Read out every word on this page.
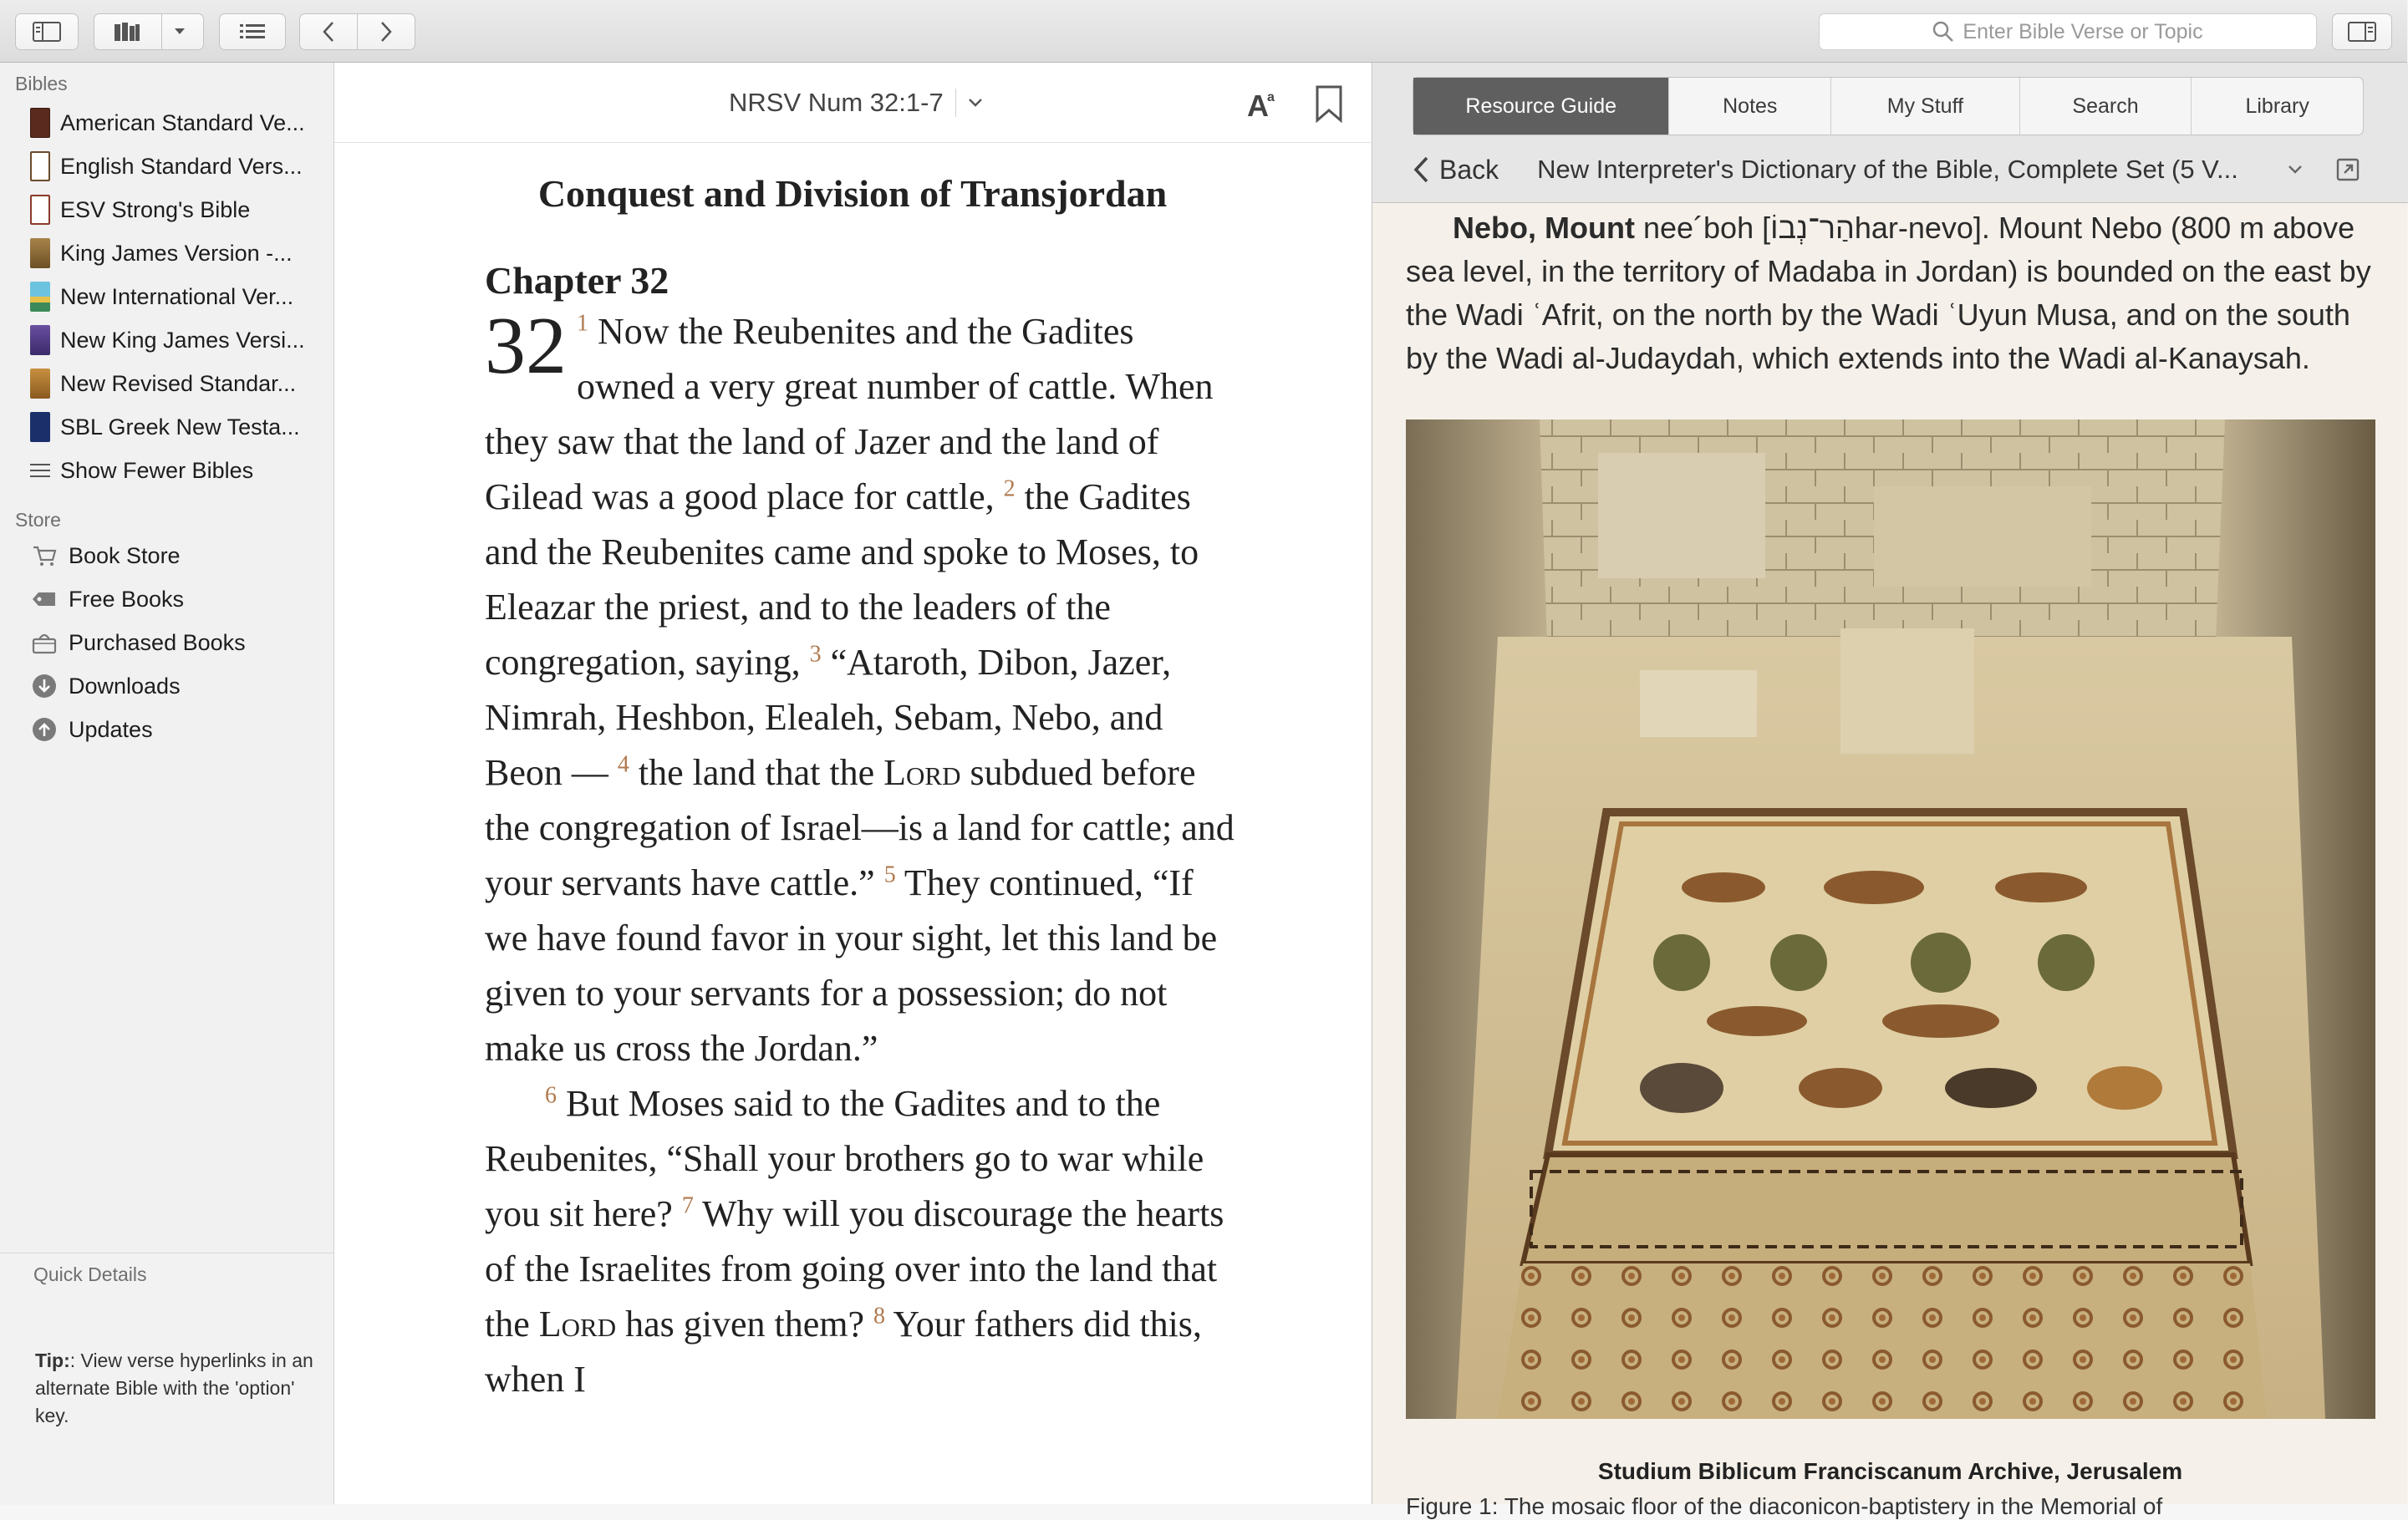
Enter Bible Verse or Topic
Bibles
American Standard Ve...
English Standard Vers...
ESV Strong's Bible
King James Version -...
New International Ver...
New King James Versi...
New Revised Standar...
SBL Greek New Testa...
Show Fewer Bibles
Store
Book Store
Free Books
Purchased Books
Downloads
Updates
Quick Details
Tip:: View verse hyperlinks in an alternate Bible with the 'option' key.
NRSV Num 32:1-7	A
a
Conquest and Division of Transjordan
Chapter 32

32 $^1$ Now the Reubenites and the Gadites owned a very great number of cattle. When they saw that the land of Jazer and the land of Gilead was a good place for cattle, $^2$ the Gadites and the Reubenites came and spoke to Moses, to Eleazar the priest, and to the leaders of the congregation, saying, $^3$ “Ataroth, Dibon, Jazer, Nimrah, Heshbon, Elealeh, Sebam, Nebo, and Beon — $^4$ the land that the Lord subdued before the congregation of Israel—is a land for cattle; and your servants have cattle.” $^5$ They continued, “If we have found favor in your sight, let this land be given to your servants for a possession; do not make us cross the Jordan.”

$^6$ But Moses said to the Gadites and to the Reubenites, “Shall your brothers go to war while you sit here? $^7$ Why will you discourage the hearts of the Israelites from going over into the land that the Lord has given them? $^8$ Your fathers did this, when I

Resource Guide	Notes	My Stuff	Search	Library
Back New Interpreter's Dictionary of the Bible, Complete Set (5 V...

Nebo, Mount nee´boh [הַר־נְבוֹhar-nevo]. Mount Nebo (800 m above sea level, in the territory of Madaba in Jordan) is bounded on the east by the Wadi ʿAfrit, on the north by the Wadi ʿUyun Musa, and on the south by the Wadi al-Judaydah, which extends into the Wadi al-Kanaysah.

Studium Biblicum Franciscanum Archive, Jerusalem
Figure 1: The mosaic floor of the diaconicon-baptistery in the Memorial of
